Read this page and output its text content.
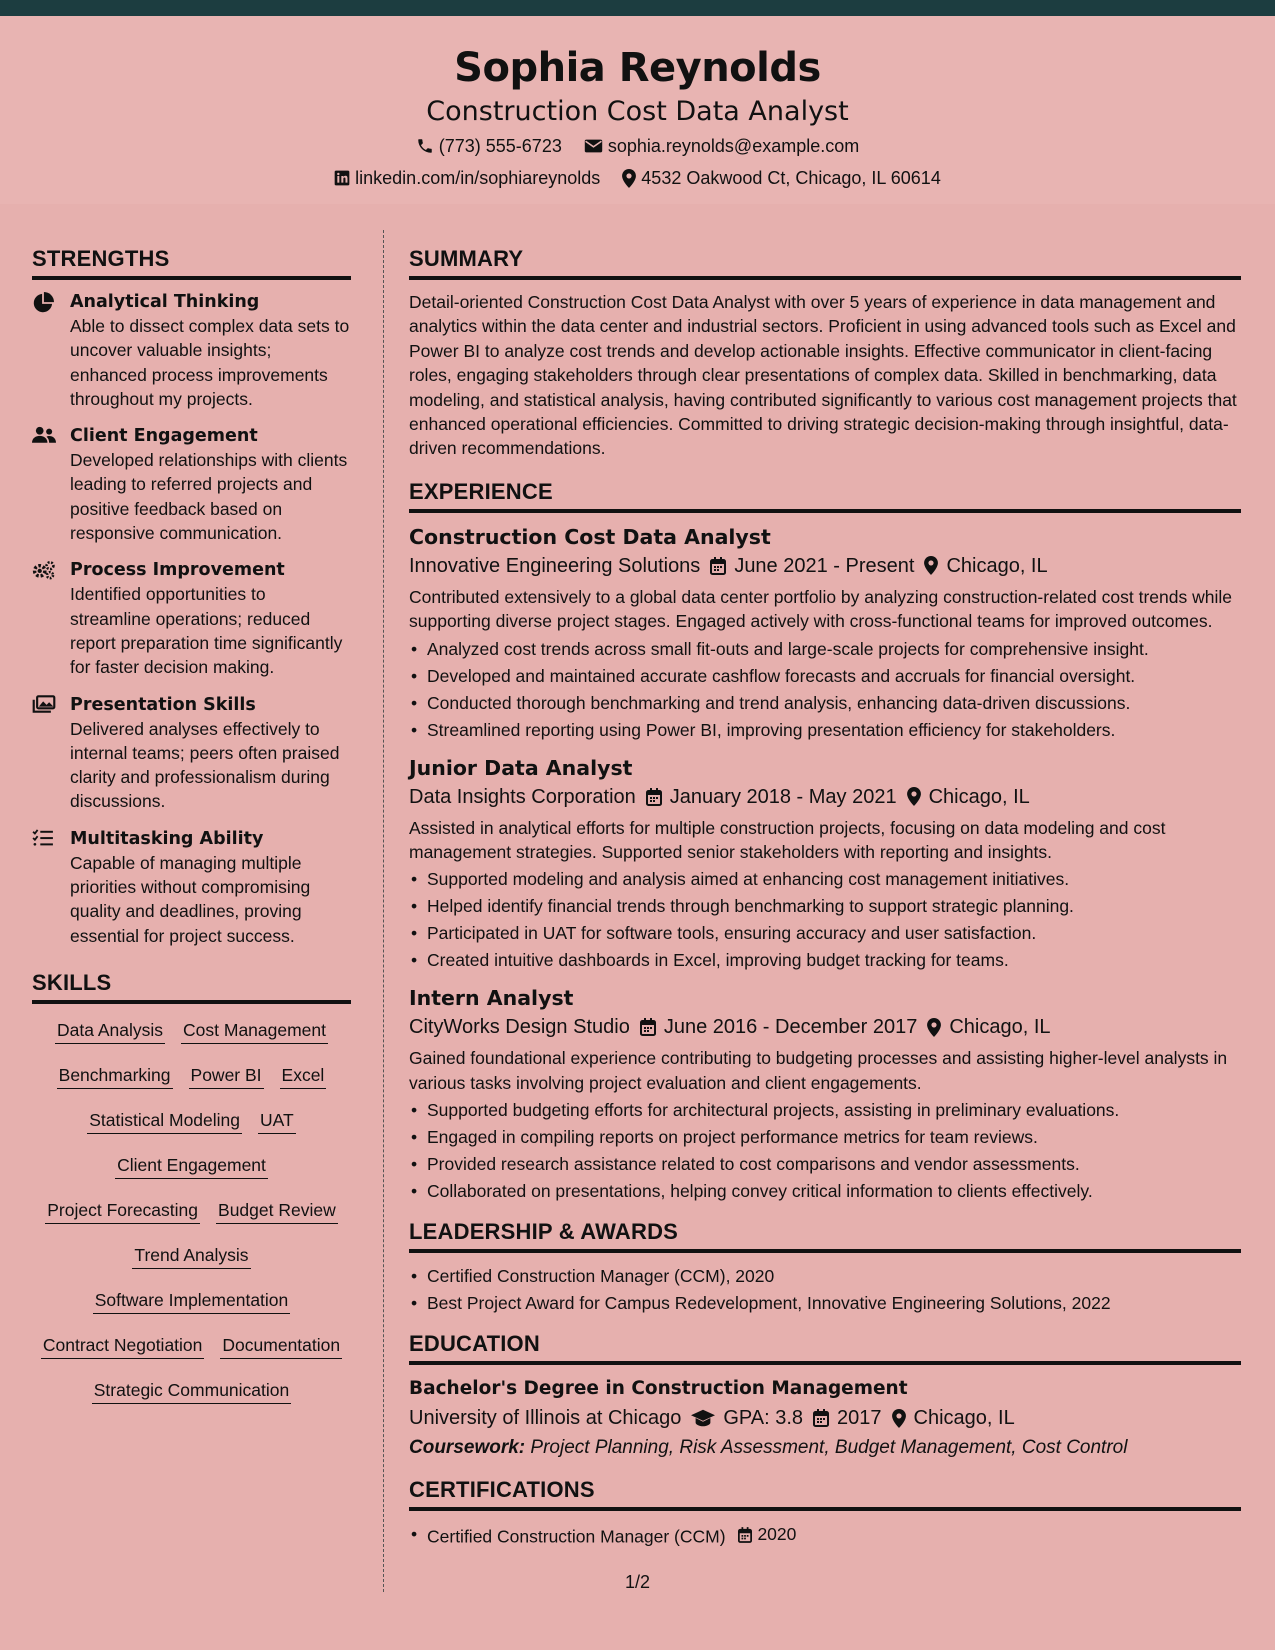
Sophia Reynolds
Construction Cost Data Analyst
(773) 555-6723	sophia.reynolds@example.com
linkedin.com/in/sophiareynolds 4532 Oakwood Ct, Chicago, IL 60614
STRENGTHS
Analytical Thinking
Able to dissect complex data sets to uncover valuable insights; enhanced process improvements throughout my projects.
Client Engagement
Developed relationships with clients leading to referred projects and positive feedback based on responsive communication.
Process Improvement
Identified opportunities to streamline operations; reduced report preparation time significantly for faster decision making.
Presentation Skills
Delivered analyses effectively to internal teams; peers often praised clarity and professionalism during discussions.
Multitasking Ability
Capable of managing multiple priorities without compromising quality and deadlines, proving essential for project success.
SKILLS
Data Analysis Cost Management
Benchmarking Power BI Excel
Statistical Modeling UAT
Client Engagement
Project Forecasting Budget Review
Trend Analysis
Software Implementation
Contract Negotiation Documentation
Strategic Communication
SUMMARY
Detail-oriented Construction Cost Data Analyst with over 5 years of experience in data management and analytics within the data center and industrial sectors. Proficient in using advanced tools such as Excel and Power BI to analyze cost trends and develop actionable insights. Effective communicator in client-facing roles, engaging stakeholders through clear presentations of complex data. Skilled in benchmarking, data modeling, and statistical analysis, having contributed significantly to various cost management projects that enhanced operational efficiencies. Committed to driving strategic decision-making through insightful, data-driven recommendations.
EXPERIENCE
Construction Cost Data Analyst
Innovative Engineering Solutions June 2021 - Present Chicago, IL
Contributed extensively to a global data center portfolio by analyzing construction-related cost trends while supporting diverse project stages. Engaged actively with cross-functional teams for improved outcomes.
• Analyzed cost trends across small fit-outs and large-scale projects for comprehensive insight.
• Developed and maintained accurate cashflow forecasts and accruals for financial oversight.
• Conducted thorough benchmarking and trend analysis, enhancing data-driven discussions.
• Streamlined reporting using Power BI, improving presentation efficiency for stakeholders.
Junior Data Analyst
Data Insights Corporation January 2018 - May 2021 Chicago, IL
Assisted in analytical efforts for multiple construction projects, focusing on data modeling and cost management strategies. Supported senior stakeholders with reporting and insights.
• Supported modeling and analysis aimed at enhancing cost management initiatives.
• Helped identify financial trends through benchmarking to support strategic planning.
• Participated in UAT for software tools, ensuring accuracy and user satisfaction.
• Created intuitive dashboards in Excel, improving budget tracking for teams.
Intern Analyst
CityWorks Design Studio June 2016 - December 2017 Chicago, IL
Gained foundational experience contributing to budgeting processes and assisting higher-level analysts in various tasks involving project evaluation and client engagements.
• Supported budgeting efforts for architectural projects, assisting in preliminary evaluations.
• Engaged in compiling reports on project performance metrics for team reviews.
• Provided research assistance related to cost comparisons and vendor assessments.
• Collaborated on presentations, helping convey critical information to clients effectively.
LEADERSHIP & AWARDS
• Certified Construction Manager (CCM), 2020
• Best Project Award for Campus Redevelopment, Innovative Engineering Solutions, 2022
EDUCATION
Bachelor's Degree in Construction Management
University of Illinois at Chicago GPA: 3.8 2017 Chicago, IL
Coursework: Project Planning, Risk Assessment, Budget Management, Cost Control
CERTIFICATIONS
• Certified Construction Manager (CCM) 2020
1/2
